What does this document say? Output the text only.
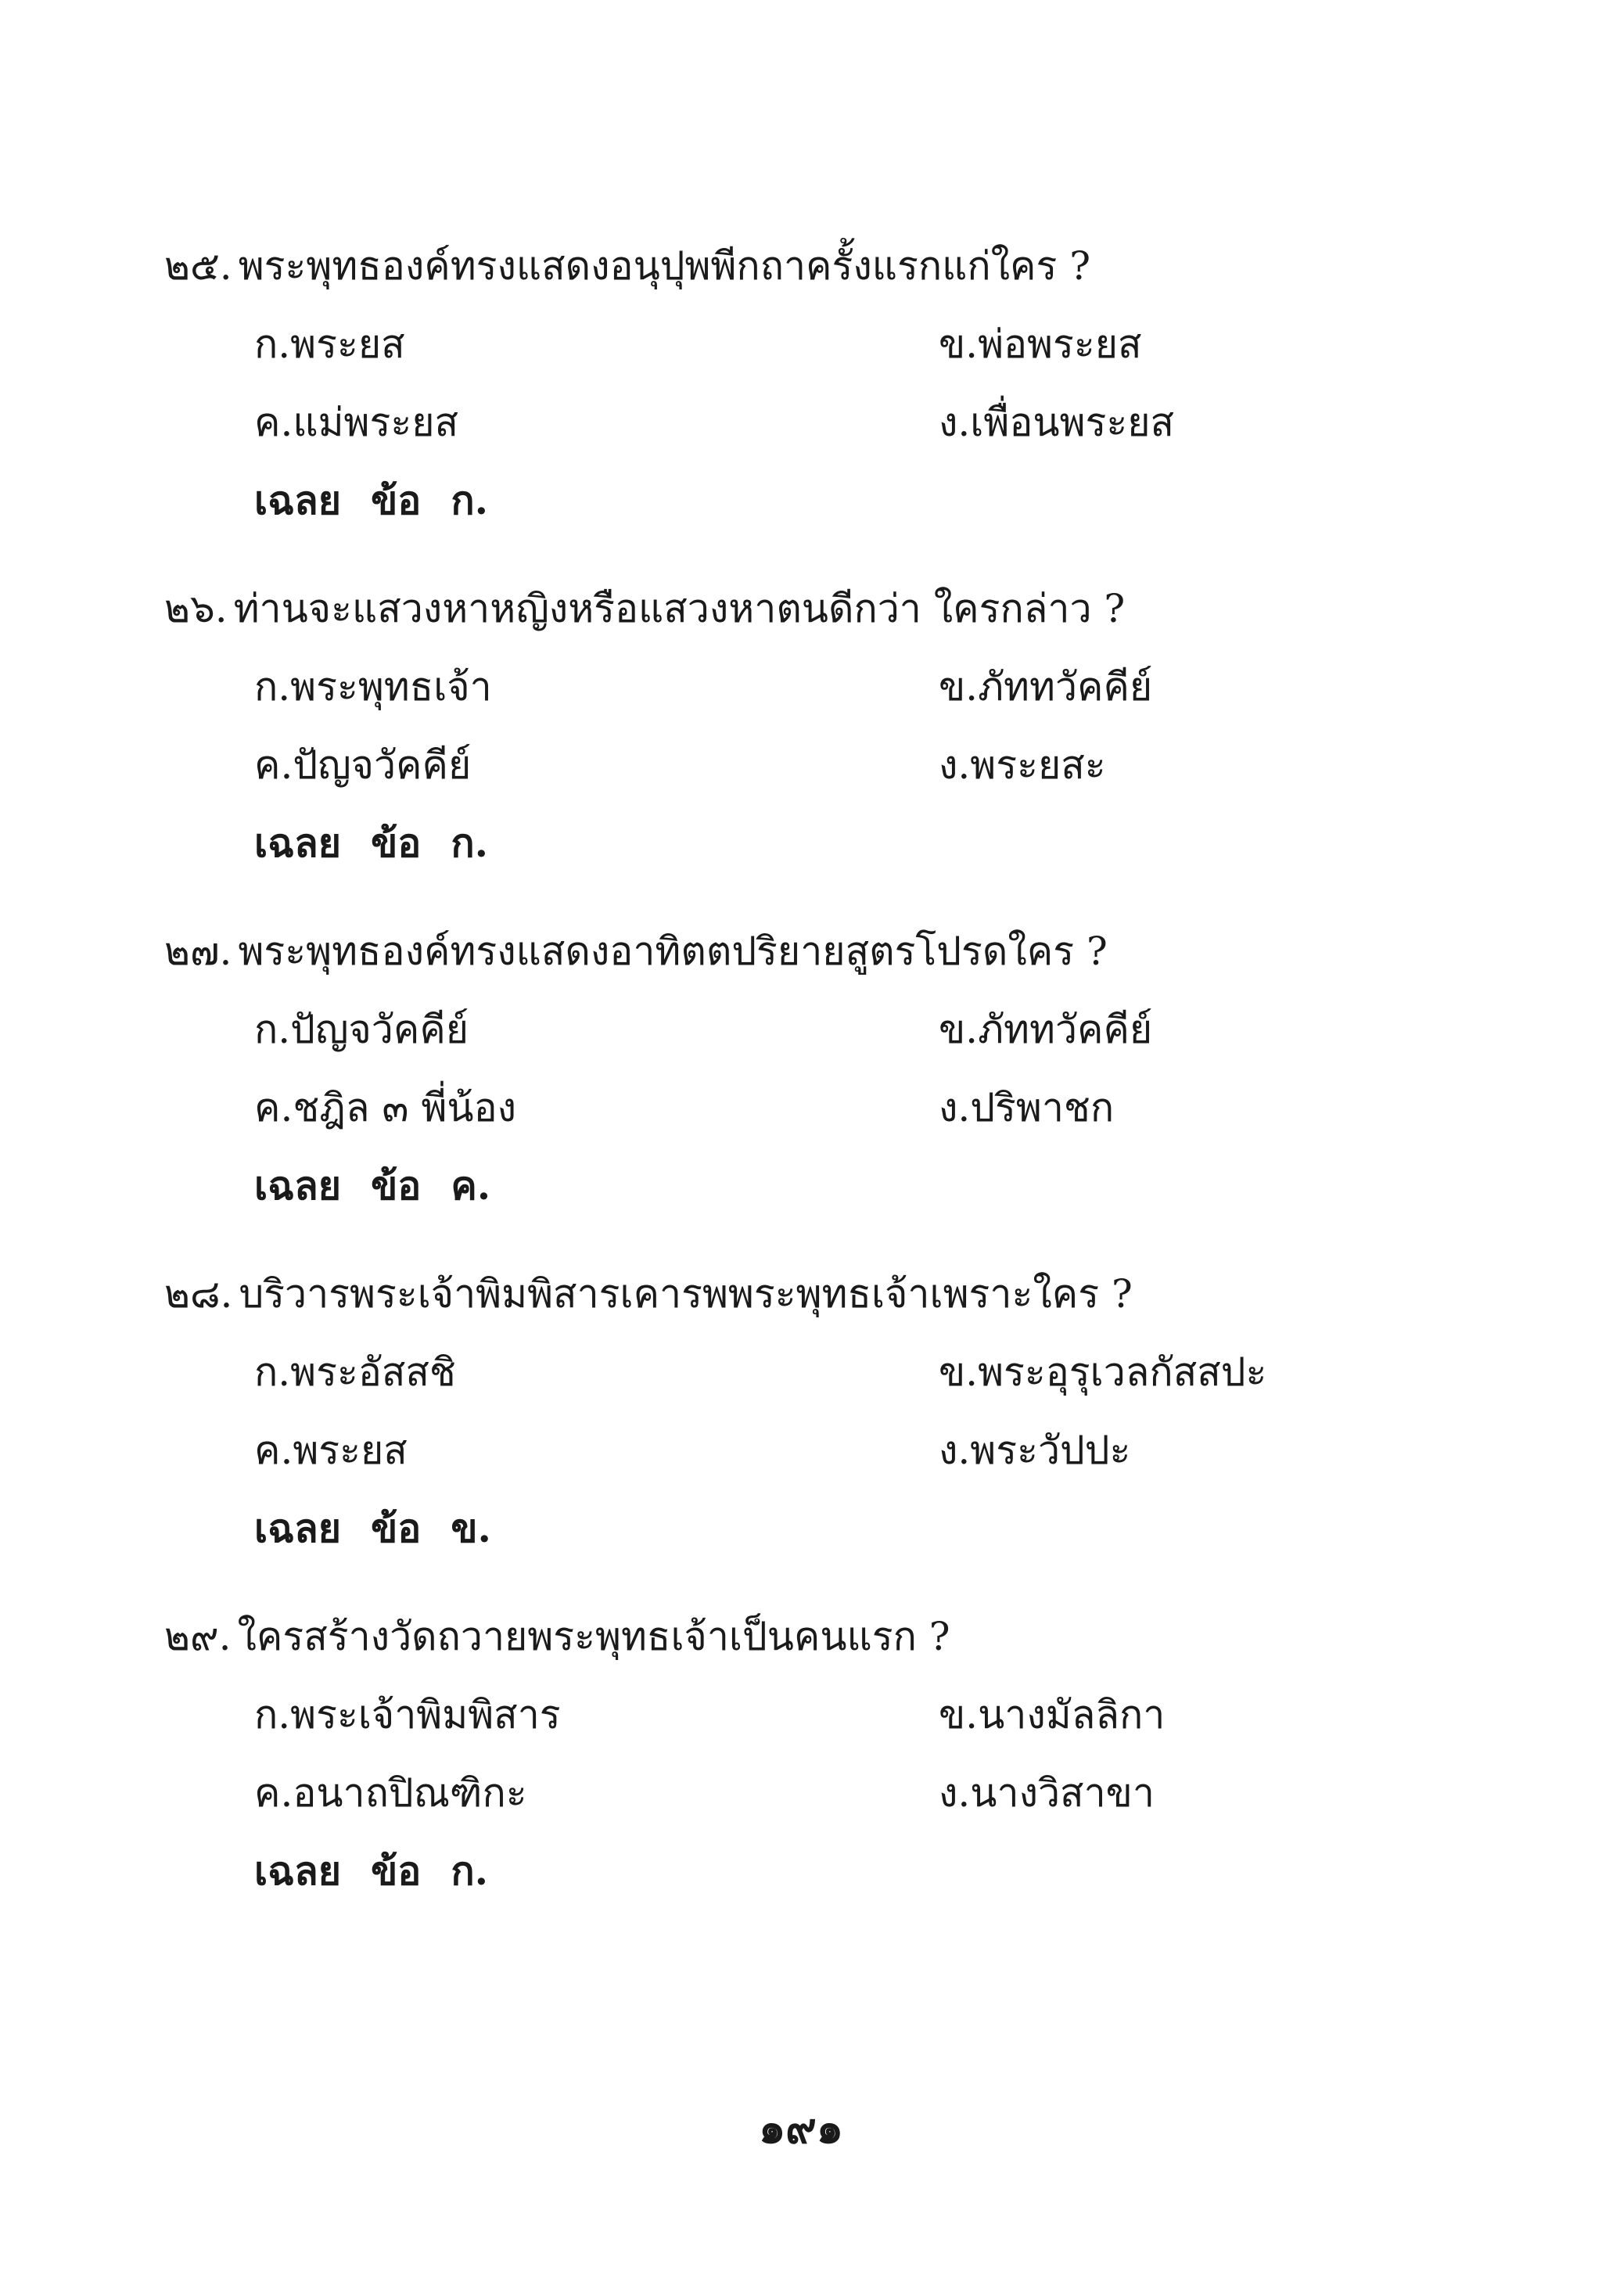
๒๕. พระพุทธองค์ทรงแสดงอนุปุพพีกถาครั้งแรกแก่ใคร ?
ก.พระยส	ข.พ่อพระยส
ค.แม่พระยส	ง.เพื่อนพระยส
เฉลย ข้อ ก.
๒๖. ท่านจะแสวงหาหญิงหรือแสวงหาตนดีกว่า ใครกล่าว ?
ก.พระพุทธเจ้า	ข.ภัททวัคคีย์
ค.ปัญจวัคคีย์	ง.พระยสะ
เฉลย ข้อ ก.
๒๗. พระพุทธองค์ทรงแสดงอาทิตตปริยายสูตรโปรดใคร ?
ก.ปัญจวัคคีย์	ข.ภัททวัคคีย์
ค.ชฎิล ๓ พี่น้อง	ง.ปริพาชก
เฉลย ข้อ ค.
๒๘. บริวารพระเจ้าพิมพิสารเคารพพระพุทธเจ้าเพราะใคร ?
ก.พระอัสสชิ	ข.พระอุรุเวลกัสสปะ
ค.พระยส	ง.พระวัปปะ
เฉลย ข้อ ข.
๒๙. ใครสร้างวัดถวายพระพุทธเจ้าเป็นคนแรก ?
ก.พระเจ้าพิมพิสาร	ข.นางมัลลิกา
ค.อนาถปิณฑิกะ	ง.นางวิสาขา
เฉลย ข้อ ก.
๑๙๑
